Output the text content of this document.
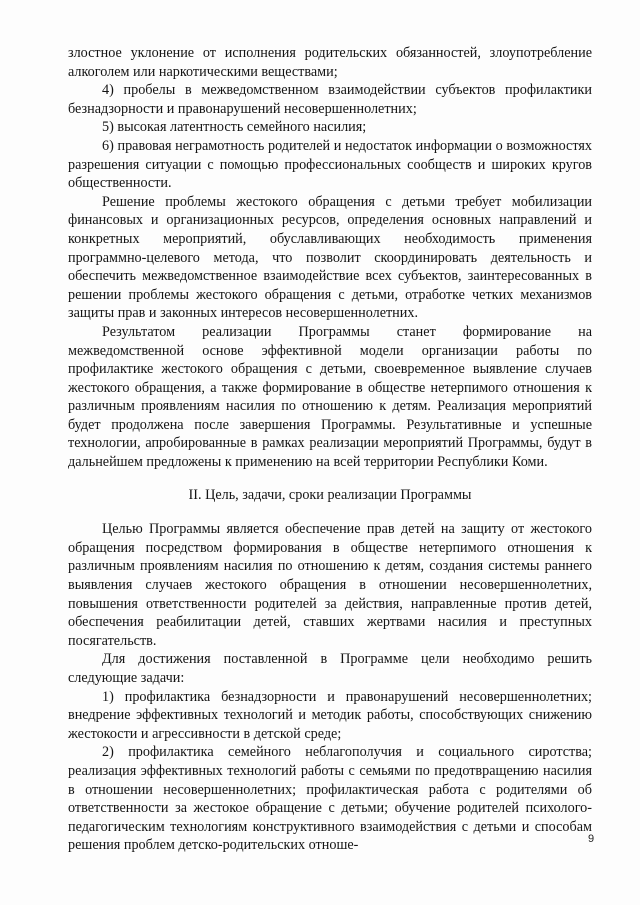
злостное уклонение от исполнения родительских обязанностей, злоупотребление алкоголем или наркотическими веществами;

4) пробелы в межведомственном взаимодействии субъектов профилактики безнадзорности и правонарушений несовершеннолетних;

5) высокая латентность семейного насилия;

6) правовая неграмотность родителей и недостаток информации о возможностях разрешения ситуации с помощью профессиональных сообществ и широких кругов общественности.

Решение проблемы жестокого обращения с детьми требует мобилизации финансовых и организационных ресурсов, определения основных направлений и конкретных мероприятий, обуславливающих необходимость применения программно-целевого метода, что позволит скоординировать деятельность и обеспечить межведомственное взаимодействие всех субъектов, заинтересованных в решении проблемы жестокого обращения с детьми, отработке четких механизмов защиты прав и законных интересов несовершеннолетних.

Результатом реализации Программы станет формирование на межведомственной основе эффективной модели организации работы по профилактике жестокого обращения с детьми, своевременное выявление случаев жестокого обращения, а также формирование в обществе нетерпимого отношения к различным проявлениям насилия по отношению к детям. Реализация мероприятий будет продолжена после завершения Программы. Результативные и успешные технологии, апробированные в рамках реализации мероприятий Программы, будут в дальнейшем предложены к применению на всей территории Республики Коми.

II. Цель, задачи, сроки реализации Программы

Целью Программы является обеспечение прав детей на защиту от жестокого обращения посредством формирования в обществе нетерпимого отношения к различным проявлениям насилия по отношению к детям, создания системы раннего выявления случаев жестокого обращения в отношении несовершеннолетних, повышения ответственности родителей за действия, направленные против детей, обеспечения реабилитации детей, ставших жертвами насилия и преступных посягательств.

Для достижения поставленной в Программе цели необходимо решить следующие задачи:

1) профилактика безнадзорности и правонарушений несовершеннолетних; внедрение эффективных технологий и методик работы, способствующих снижению жестокости и агрессивности в детской среде;

2) профилактика семейного неблагополучия и социального сиротства; реализация эффективных технологий работы с семьями по предотвращению насилия в отношении несовершеннолетних; профилактическая работа с родителями об ответственности за жестокое обращение с детьми; обучение родителей психолого-педагогическим технологиям конструктивного взаимодействия с детьми и способам решения проблем детско-родительских отноше-	9
